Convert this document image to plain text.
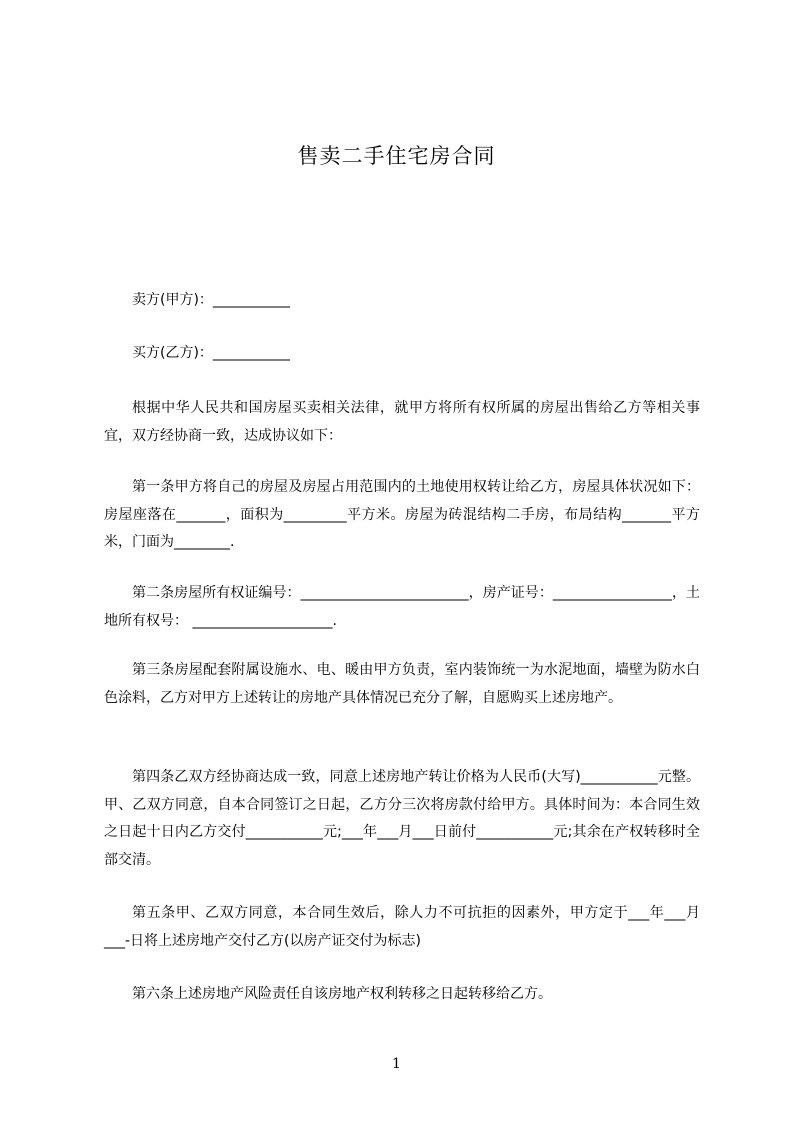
售卖二手住宅房合同
卖方(甲方)：___________
买方(乙方)：___________
根据中华人民共和国房屋买卖相关法律，就甲方将所有权所属的房屋出售给乙方等相关事宜，双方经协商一致，达成协议如下：
第一条甲方将自己的房屋及房屋占用范围内的土地使用权转让给乙方，房屋具体状况如下：房屋座落在_______，面积为_________平方米。房屋为砖混结构二手房，布局结构_______平方米，门面为________.
第二条房屋所有权证编号：________________________，房产证号：_________________，土地所有权号： ____________________.
第三条房屋配套附属设施水、电、暖由甲方负责，室内装饰统一为水泥地面，墙壁为防水白色涂料，乙方对甲方上述转让的房地产具体情况已充分了解，自愿购买上述房地产。
第四条乙双方经协商达成一致，同意上述房地产转让价格为人民币(大写)___________元整。甲、乙双方同意，自本合同签订之日起，乙方分三次将房款付给甲方。具体时间为：本合同生效之日起十日内乙方交付___________元;___年___月___日前付___________元;其余在产权转移时全部交清。
第五条甲、乙双方同意，本合同生效后，除人力不可抗拒的因素外，甲方定于___年___月___-日将上述房地产交付乙方(以房产证交付为标志)
第六条上述房地产风险责任自该房地产权利转移之日起转移给乙方。
1
